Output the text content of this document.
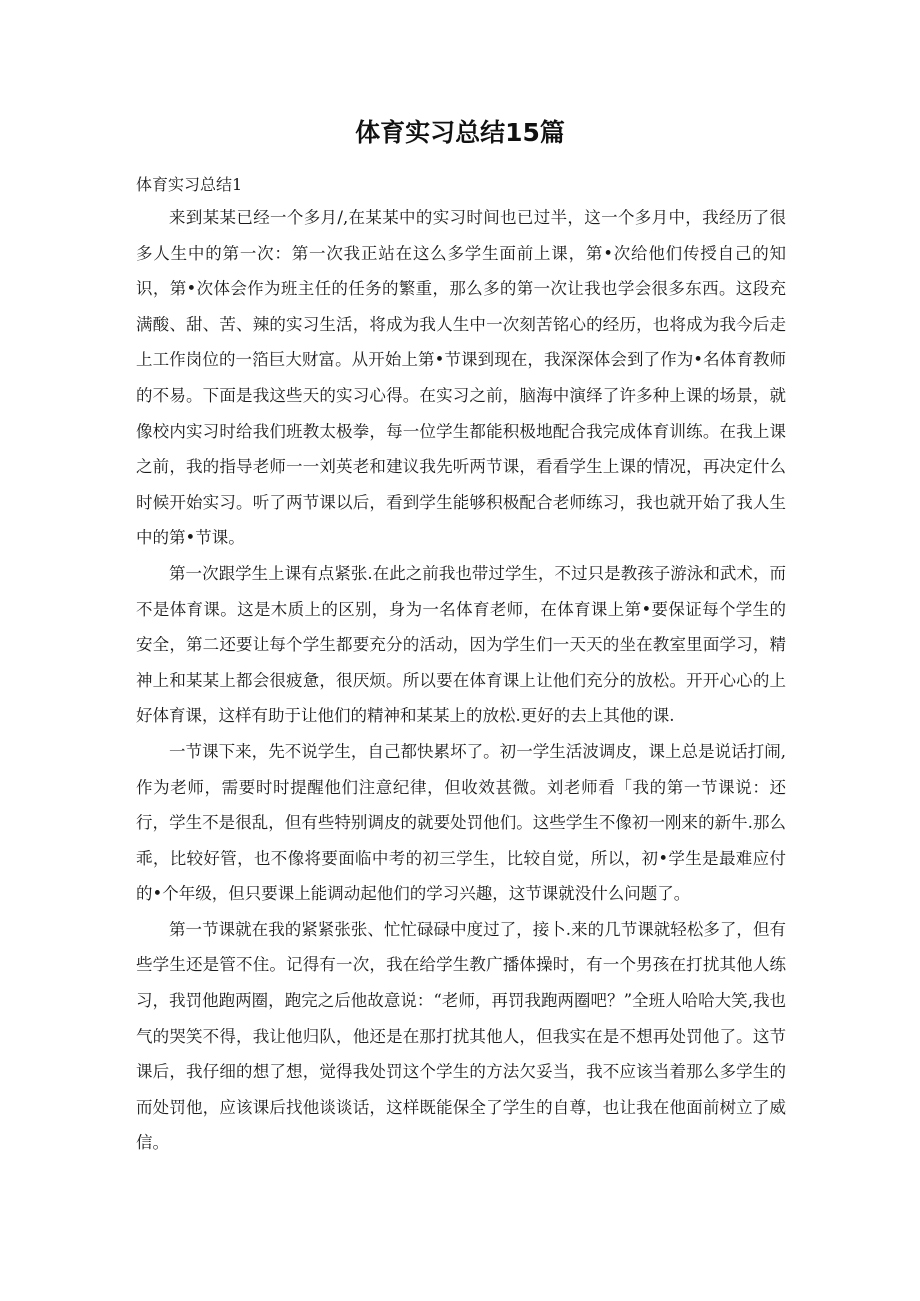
体育实习总结15篇
体育实习总结1

来到某某已经一个多月/,在某某中的实习时间也已过半，这一个多月中，我经历了很多人生中的第一次：第一次我正站在这么多学生面前上课，第•次给他们传授自己的知识，第•次体会作为班主任的任务的繁重，那么多的第一次让我也学会很多东西。这段充满酸、甜、苦、辣的实习生活，将成为我人生中一次刻苦铭心的经历，也将成为我今后走上工作岗位的一箔巨大财富。从开始上第•节课到现在，我深深体会到了作为•名体育教师的不易。下面是我这些天的实习心得。在实习之前，脑海中演绎了许多种上课的场景，就像校内实习时给我们班教太极拳，每一位学生都能积极地配合我完成体育训练。在我上课之前，我的指导老师一一刘英老和建议我先听两节课，看看学生上课的情况，再决定什么时候开始实习。听了两节课以后，看到学生能够积极配合老师练习，我也就开始了我人生中的第•节课。

第一次跟学生上课有点紧张.在此之前我也带过学生，不过只是教孩子游泳和武术，而不是体育课。这是木质上的区别，身为一名体育老师，在体育课上第•要保证每个学生的安全，第二还要让每个学生都要充分的活动，因为学生们一天天的坐在教室里面学习，精神上和某某上都会很疲惫，很厌烦。所以要在体育课上让他们充分的放松。开开心心的上好体育课，这样有助于让他们的精神和某某上的放松.更好的去上其他的课.

一节课下来，先不说学生，自己都快累坏了。初一学生活波调皮，课上总是说话打闹,作为老师，需要时时提醒他们注意纪律，但收效甚微。刘老师看「我的第一节课说：还行，学生不是很乱，但有些特别调皮的就要处罚他们。这些学生不像初一刚来的新牛.那么乖，比较好管，也不像将要面临中考的初三学生，比较自觉，所以，初•学生是最难应付的•个年级，但只要课上能调动起他们的学习兴趣，这节课就没什么问题了。

第一节课就在我的紧紧张张、忙忙碌碌中度过了，接卜.来的几节课就轻松多了，但有些学生还是管不住。记得有一次，我在给学生教广播体操时，有一个男孩在打扰其他人练习，我罚他跑两圈，跑完之后他故意说：“老师，再罚我跑两圈吧？”全班人哈哈大笑,我也气的哭笑不得，我让他归队，他还是在那打扰其他人，但我实在是不想再处罚他了。这节课后，我仔细的想了想，觉得我处罚这个学生的方法欠妥当，我不应该当着那么多学生的而处罚他，应该课后找他谈谈话，这样既能保全了学生的自尊，也让我在他面前树立了威信。
